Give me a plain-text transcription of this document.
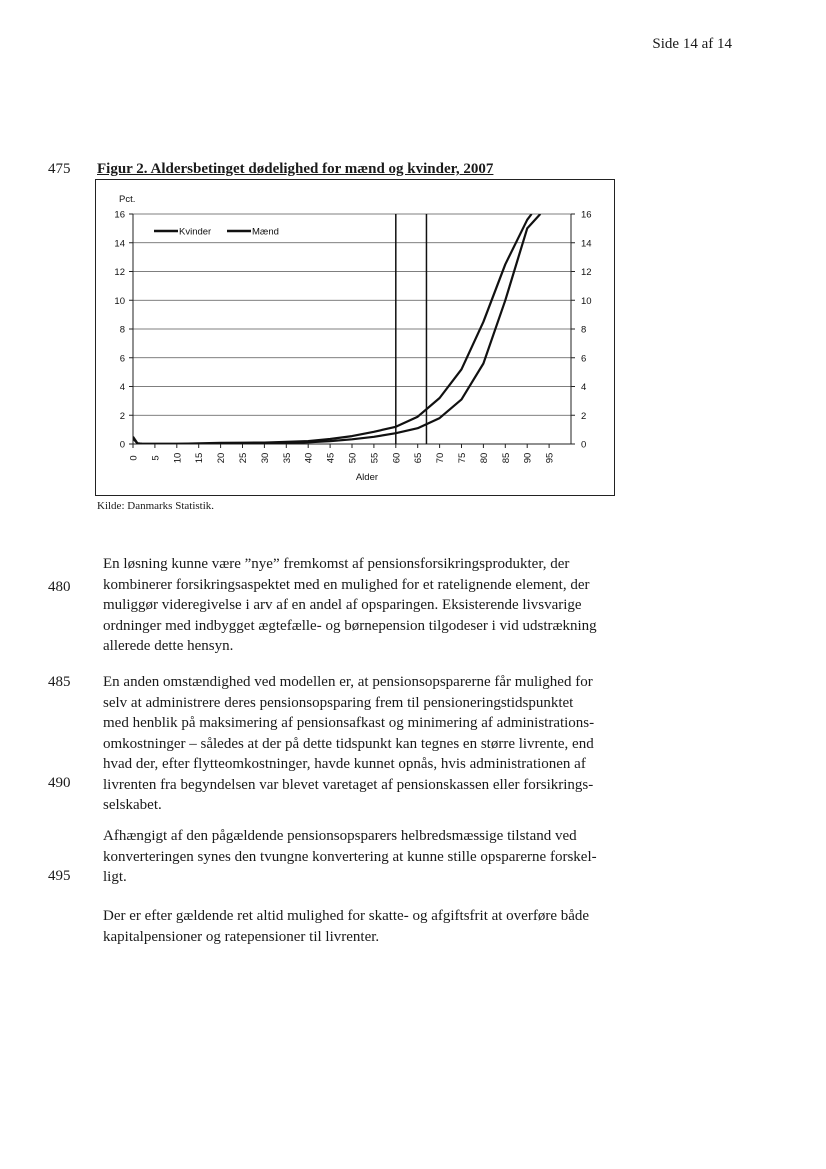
Side 14 af 14
475
480
485
490
495
Figur 2. Aldersbetinget dødelighed for mænd og kvinder, 2007
0	0
2	2
4	4
6	6
8	8
10	10
12	12
14	14
16	16
0 5 10 15 20 25 30 35 40 45 50 55 60 65 70 75 80 85 90 95
Kvinder	Mænd
Pct.
Alder
Kilde: Danmarks Statistik.
En løsning kunne være ”nye” fremkomst af pensionsforsikringsprodukter, der
kombinerer forsikringsaspektet med en mulighed for et ratelignende element, der
muliggør videregivelse i arv af en andel af opsparingen. Eksisterende livsvarige
ordninger med indbygget ægtefælle- og børnepension tilgodeser i vid udstrækning
allerede dette hensyn.
En anden omstændighed ved modellen er, at pensionsopsparerne får mulighed for
selv at administrere deres pensionsopsparing frem til pensioneringstidspunktet
med henblik på maksimering af pensionsafkast og minimering af administrations-
omkostninger – således at der på dette tidspunkt kan tegnes en større livrente, end
hvad der, efter flytteomkostninger, havde kunnet opnås, hvis administrationen af
livrenten fra begyndelsen var blevet varetaget af pensionskassen eller forsikrings-
selskabet.
Afhængigt af den pågældende pensionsopsparers helbredsmæssige tilstand ved
konverteringen synes den tvungne konvertering at kunne stille opsparerne forskel-
ligt.
Der er efter gældende ret altid mulighed for skatte- og afgiftsfrit at overføre både
kapitalpensioner og ratepensioner til livrenter.
